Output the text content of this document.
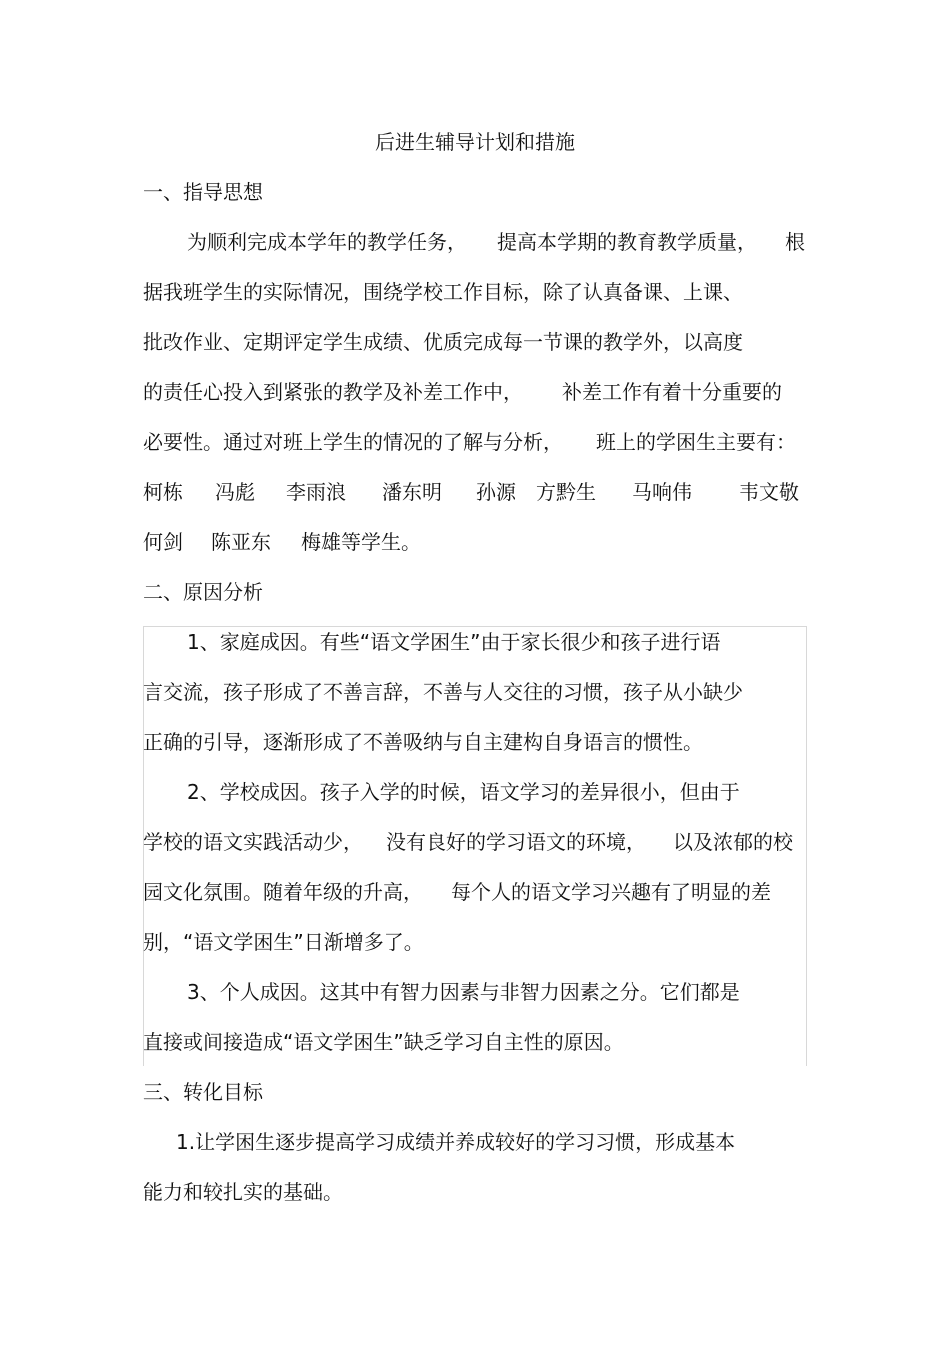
后进生辅导计划和措施

一、指导思想

为顺利完成本学年的教学任务，

提高本学期的教育教学质量，

根

据我班学生的实际情况，围绕学校工作目标，除了认真备课、上课、

批改作业、定期评定学生成绩、优质完成每一节课的教学外，以高度

的责任心投入到紧张的教学及补差工作中，

补差工作有着十分重要的

必要性。通过对班上学生的情况的了解与分析，

班上的学困生主要有：

柯栋

冯彪

李雨浪

潘东明

孙源

方黔生

马响伟

韦文敬

何剑

陈亚东

梅雄等学生。

二、原因分析

1、家庭成因。有些“语文学困生”由于家长很少和孩子进行语

言交流，孩子形成了不善言辞，不善与人交往的习惯，孩子从小缺少

正确的引导，逐渐形成了不善吸纳与自主建构自身语言的惯性。

2、学校成因。孩子入学的时候，语文学习的差异很小，但由于

学校的语文实践活动少，

没有良好的学习语文的环境，

以及浓郁的校

园文化氛围。随着年级的升高，

每个人的语文学习兴趣有了明显的差

别，“语文学困生”日渐增多了。

3、个人成因。这其中有智力因素与非智力因素之分。它们都是

直接或间接造成“语文学困生”缺乏学习自主性的原因。

三、转化目标

1.让学困生逐步提高学习成绩并养成较好的学习习惯，形成基本

能力和较扎实的基础。
